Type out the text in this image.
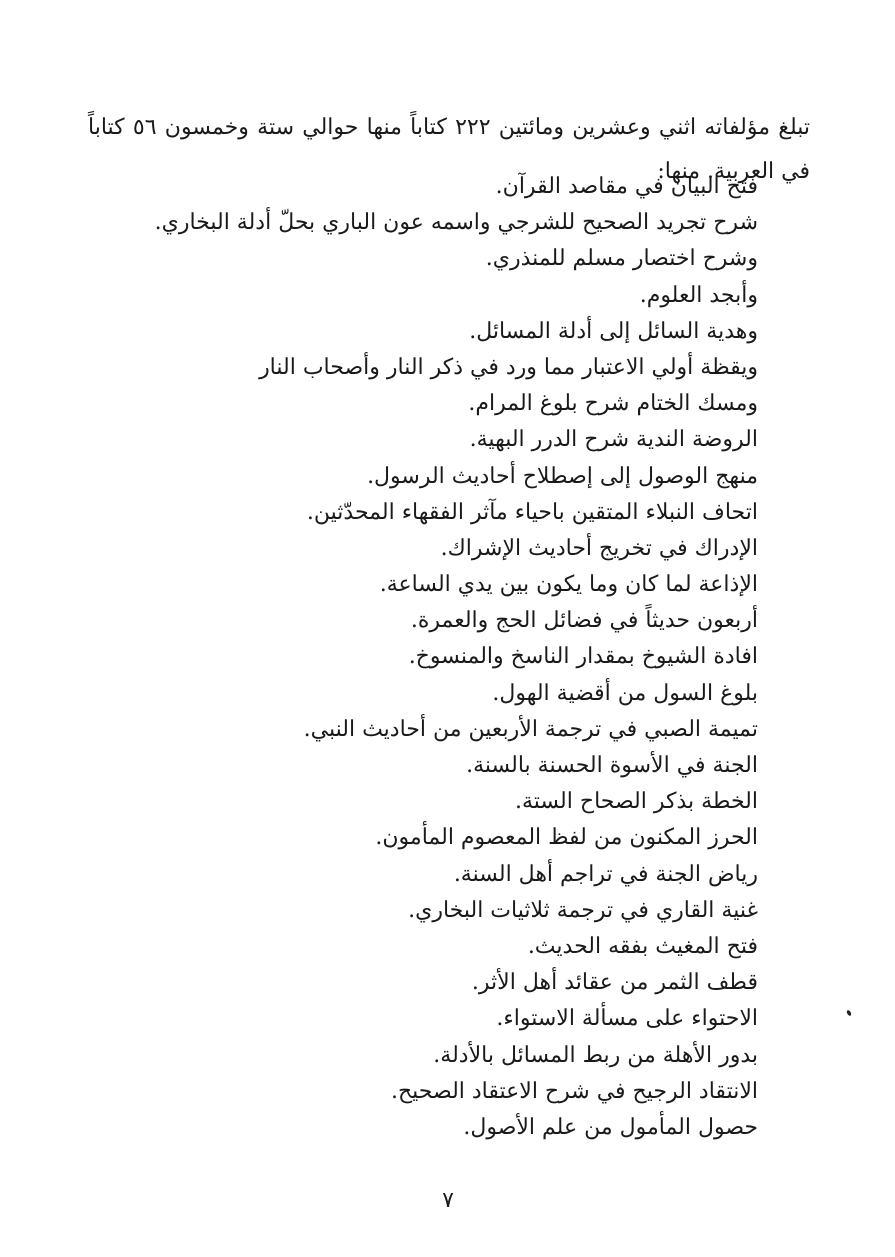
تبلغ مؤلفاته اثني وعشرين ومائتين ٢٢٢ كتاباً منها حوالي ستة وخمسون ٥٦ كتاباً في العربية. منها:

فتح البيان في مقاصد القرآن.
شرح تجريد الصحيح للشرجي واسمه عون الباري بحلّ أدلة البخاري.
وشرح اختصار مسلم للمنذري.
وأبجد العلوم.
وهدية السائل إلى أدلة المسائل.
ويقظة أولي الاعتبار مما ورد في ذكر النار وأصحاب النار
ومسك الختام شرح بلوغ المرام.
الروضة الندية شرح الدرر البهية.
منهج الوصول إلى إصطلاح أحاديث الرسول.
اتحاف النبلاء المتقين باحياء مآثر الفقهاء المحدّثين.
الإدراك في تخريج أحاديث الإشراك.
الإذاعة لما كان وما يكون بين يدي الساعة.
أربعون حديثاً في فضائل الحج والعمرة.
افادة الشيوخ بمقدار الناسخ والمنسوخ.
بلوغ السول من أقضية الهول.
تميمة الصبي في ترجمة الأربعين من أحاديث النبي.
الجنة في الأسوة الحسنة بالسنة.
الخطة بذكر الصحاح الستة.
الحرز المكنون من لفظ المعصوم المأمون.
رياض الجنة في تراجم أهل السنة.
غنية القاري في ترجمة ثلاثيات البخاري.
فتح المغيث بفقه الحديث.
قطف الثمر من عقائد أهل الأثر.
الاحتواء على مسألة الاستواء.
بدور الأهلة من ربط المسائل بالأدلة.
الانتقاد الرجيح في شرح الاعتقاد الصحيح.
حصول المأمول من علم الأصول.
٧
